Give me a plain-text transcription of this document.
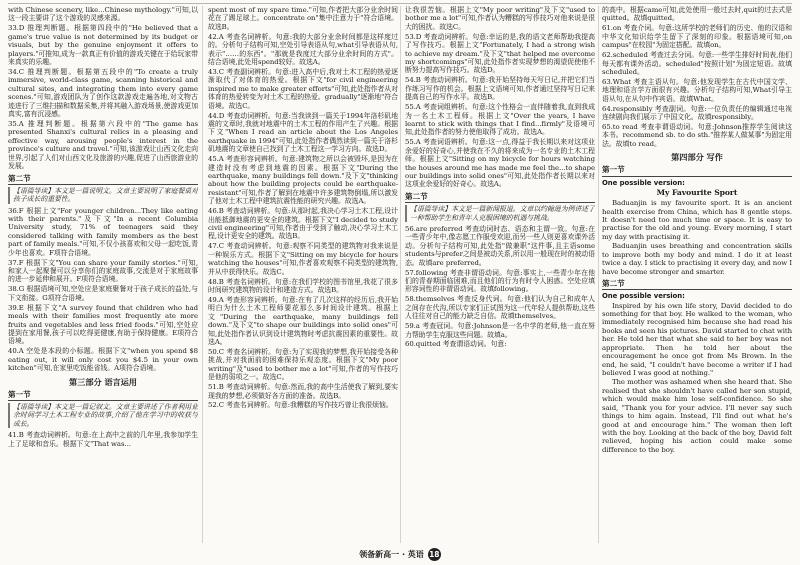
with Chinese scenery, like...Chinese mythology."可知,以这一段主要讲了这个游戏的灵感来源。
33.D 推理判断题。根据第四段中的"He believed that a game's true value is not determined by its budget or visuals, but by the genuine enjoyment it offers to players."可推知,成为一款真正有价值的游戏关键在于给玩家带来真实的乐趣。
34.C 推理判断题。根据第五段中的"To create a truly immersive, world-class game, scanning historical and cultural sites, and integrating them into every game scenes."可知,游戏团队为了创作这款游戏走遍各地,对文物古迹进行了三维扫描和数据采集,并将其融入游戏场景,使游戏更加真实,富有沉浸感。
35.A 推理判断题。根据第六段中的"The game has presented Shanxi's cultural relics in a pleasing and effective way, arousing people's interest in the province's culture and travel."可知,该游戏让山西文化走向世界,引起了人们对山西文化及旅游的兴趣,促进了山西旅游业的发展。
第二节
【语篇导读】本文是一篇说明文。文章主要说明了家庭餐桌对孩子成长的重要性。
36.F 根据上文"For younger children...They like eating with their parents."及下文"In a recent Columbia University study, 71% of teenagers said they considered talking with family members as the best part of family meals."可知,不仅小孩喜欢和父母一起吃饭,青少年也喜欢。F项符合语境。
37.F 根据下文"You can share your family stories."可知,和家人一起聚餐可以分享你们的家庭故事,交流是对于家庭故事的进一步延伸和展开。F项符合语境。
38.G 根据语境可知,空处应是家庭聚餐对于孩子成长的益处,与下文衔接。G项符合语境。
39.E 根据下文"A survey found that children who had meals with their families most frequently ate more fruits and vegetables and less fried foods."可知,空处应提到在家用餐,孩子可以吃得更健康,有助于保持健康。E项符合语境。
40.A 空处是本段的小标题。根据下文"when you spend $8 eating out, it will only cost you $4.5 in your own kitchen"可知,在家里吃饭能省钱。A项符合语境。
第三部分 语言运用
第一节
【语篇导读】本文是一篇记叙文。文章主要讲述了作者利用业余时间学习土木工程专业的故事,介绍了他在学习中的收获与成长。
41.B 考查动词辨析。句意:在上高中之前的几年里,我参加学生上了足球和音乐。根据下文"That was...
spent most of my spare time."可知,作者把大部分业余时间花在了踢足球上。concentrate on"集中注意力于"符合语境。故选B。
42.A 考查名词辨析。句意:我的大部分业余时间都是这样度过的。分析句子结构可知,空处引导表语从句,what引导表语从句,表示"……的东西"。"那就是我度过大部分业余时间的方式"。结合语境,此处用spend较好。故选A。
43.C 考查副词辨析。句意:进入高中后,我对土木工程的热爱逐渐取代了对体育的热爱。根据下文"for civil engineering inspired me to make greater efforts"可知,此处指作者从对体育的热爱转变为对土木工程的热爱。gradually"逐渐地"符合语境。故选C。
44.D 考查动词辨析。句意:当我读到一篇关于1994年洛杉矶地震的文章时,我就对地震中的土木工程的作用产生了兴趣。根据下文"When I read an article about the Los Angeles earthquake in 1994"可知,此处指作者偶然读到一篇关于洛杉矶地震的文章使自己找到了土木工程这一学习方向。故选D。
45.A 考查形容词辨析。句意:建筑物之所以会被毁坏,是因为在建造时没有考虑到地震的因素。根据下文"During the earthquake, many buildings fell down."及下文"thinking about how the building projects could be earthquake-resistant"可知,作者了解到在地震中许多建筑物倒塌,所以激发了他对土木工程中建筑抗震性能的研究兴趣。故选A。
46.B 考查动词辨析。句意:从那时起,我决心学习土木工程,设计出能抵御地震的更安全的建筑。根据下文"I decided to study civil engineering"可知,作者由于受到了触动,决心学习土木工程,设计更安全的建筑。故选B。
47.C 考查动词辨析。句意:观察不同类型的建筑物对我来说是一种娱乐方式。根据下文"Sitting on my bicycle for hours watching the houses"可知,作者喜欢观察不同类型的建筑物,并从中获得快乐。故选C。
48.B 考查名词辨析。句意:在我们学校的图书馆里,我花了很多时间研究建筑物的设计和建造方式。故选B。
49.A 考查形容词辨析。句意:在有了几次这样的经历后,我开始明白为什么土木工程师要花那么多时间设计建筑。根据上文"During the earthquake, many buildings fell down."及下文"to shape our buildings into solid ones"可知,此处指作者认识到设计建筑物时考虑抗震因素的重要性。故选A。
50.C 考查名词辨析。句意:为了实现我的梦想,我开始接受各种挑战,并对我面前的困难保持乐观态度。根据下文"My poor writing"及"used to bother me a lot"可知,作者的写作技巧是他的弱项之一。故选C。
51.B 考查动词辨析。句意:然而,我的高中生活使我了解到,要实现我的梦想,必须做好各方面的准备。故选B。
52.C 考查名词辨析。句意:我糟糕的写作技巧曾让我很烦恼。
让我很苦恼。根据上文"My poor writing"及下文"used to bother me a lot"可知,作者认为糟糕的写作技巧对他来说是很大的困扰。故选C。
53.D 考查动词辨析。句意:幸运的是,我的语文老师帮助我提高了写作技巧。根据上文"Fortunately, I had a strong wish to achieve my dream."及下文"that helped me overcome my shortcomings"可知,此处指作者实现梦想的渴望促使他不断努力提高写作技巧。故选D。
54.B 考查动词辨析。句意:我开始坚持每天写日记,并把它们当作练习写作的机会。根据上文语境可知,作者通过坚持写日记来提高自己的写作水平。故选B。
55.A 考查词组辨析。句意:这个性格会一直伴随着我,直到我成为一名土木工程师。根据上文"Over the years, I have learnt to stick with things that I find...firmly"及语境可知,此处指作者的努力使他取得了成功。故选A。
55.A 考查词语辨析。句意:这一点,得益于我长期以来对这项业余爱好的好奇心,并使我在不久的将来成为一名专业的土木工程师。根据上文"Sitting on my bicycle for hours watching the houses around me has made me feel the...to shape our buildings into solid ones"可知,此处指作者长期以来对这项业余爱好的好奇心。故选A。
第二节
【语篇导读】本文是一篇新闻报道。文章以约翰逊为例讲述了一种帮助学生和青年人克服困境的机遇与挑战。
56.are preferred 考查动词时态、语态和主谓一致。句意:在一些青少年中,像志愿工作服受欢迎,而另一些人则更喜欢课外活动。分析句子结构可知,此处指"做兼职"这件事,且主语some students与prefer之间是被动关系,所以用一般现在时的被动语态。故填are preferred。
57.following 考查非谓语动词。句意:事实上,一些青少年在他们的青春期面临困难,而且他们的行为有时令人困惑。空处应填形容词性的非谓语动词。故填following。
58.themselves 考查反身代词。句意:他们认为自己和成年人之间存在代沟,所以专家们正试图为这一代年轻人提供帮助,这些人往往对自己的能力缺乏自信。故填themselves。
59.a 考查冠词。句意:Johnson是一名中学的老师,他一直在努力帮助学生克服这些问题。故填a。
60.quitted 考查谓语动词。句意:
的高中。根据came可知,此处使用一般过去时,quit的过去式是quitted。故填quitted。
61.on 考查介词。句意:这所学校的老师们的历史、他的汉语和中华文化知识给学生留下了深刻的印象。根据语境可知,on campus"在校园"为固定搭配。故填on。
62.scheduled 考查过去分词。句意:一些学生排好时间表,他们每天都有课外活动。scheduled"按照计划"为固定短语。故填scheduled。
63.What 考查主语从句。句意:他发现学生在古代中国文学、地理和语言学方面很有兴趣。分析句子结构可知,What引导主语从句,在从句中作宾语。故填What。
64.responsibly 考查副词。句意:一位负责任的编辑通过电视连续剧向我们展示了中国文化。故填responsibly。
65.to read 考查非谓语动词。句意:Johnson推荐学生阅读这本书。recommend sb. to do sth."推荐某人做某事"为固定用法。故填to read。
第四部分 写作
第一节
One possible version:
My Favourite Sport
Baduanjin is my favourite sport. It is an ancient health exercise from China, which has 8 gentle steps. It doesn't need too much time or space. It is easy to practise for the old and young. Every morning, I start my day with practising it.
Baduanjin uses breathing and concentration skills to improve both my body and mind. I do it at least twice a day. I stick to practising it every day, and now I have become stronger and smarter.
第二节
One possible version:
Inspired by his own life story, David decided to do something for that boy. He walked to the woman, who immediately recognised him because she had read his books and seen his pictures. David started to chat with her. He told her that what she said to her boy was not appropriate. Then he told her about the encouragement he once got from Ms Brown. In the end, he said, "I couldn't have become a writer if I had believed I was good at nothing."
The mother was ashamed when she heard that. She realised that she shouldn't have called her son stupid, which would make him lose self-confidence. So she said, "Thank you for your advice. I'll never say such things to him again. Instead, I'll find out what he's good at and encourage him." The woman then left with the boy. Looking at the back of the boy, David felt relieved, hoping his action could make some difference to the boy.
领备新高一 · 英语 18
